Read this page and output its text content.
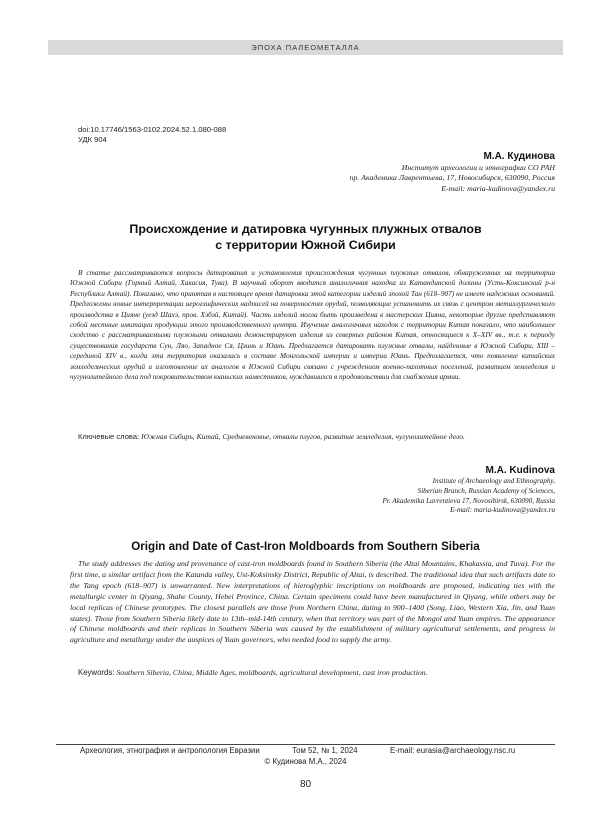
ЭПОХА ПАЛЕОМЕТАЛЛА
doi:10.17746/1563-0102.2024.52.1.080-088
УДК 904
М.А. Кудинова
Институт археологии и этнографии СО РАН
пр. Академика Лаврентьева, 17, Новосибирск, 630090, Россия
E-mail: maria-kudinova@yandex.ru
Происхождение и датировка чугунных плужных отвалов
с территории Южной Сибири

В статье рассматриваются вопросы датирования и установления происхождения чугунных плужных отвалов, обнаруженных на территории Южной Сибири (Горный Алтай, Хакасия, Тува). В научный оборот вводится аналогичная находка из Катандинской долины (Усть-Коксинский р-н Республики Алтай). Показано, что принятая в настоящее время датировка этой категории изделий эпохой Тан (618–907) не имеет надежных оснований. Предложены новые интерпретации иероглифических надписей на поверхностях орудий, позволяющие установить их связь с центром металлургического производства в Цияне (уезд Шахэ, пров. Хэбэй, Китай). Часть изделий могла быть произведена в мастерских Цияна, некоторые другие представляют собой местные имитации продукции этого производственного центра. Изучение аналогичных находок с территории Китая показало, что наибольшее сходство с рассматриваемыми плужными отвалами демонстрируют изделия из северных районов Китая, относящиеся к X–XIV вв., т.е. к периоду существования государств Сун, Ляо, Западное Ся, Цзинь и Юань. Предлагается датировать плужные отвалы, найденные в Южной Сибири, XIII – серединой XIV в., когда эта территория оказалась в составе Монгольской империи и империи Юань. Предполагается, что появление китайских земледельческих орудий и изготовление их аналогов в Южной Сибири связано с учреждением военно-пахотных поселений, развитием земледелия и чугунолитейного дела под покровительством юаньских наместников, нуждавшихся в продовольствии для снабжения армии.

Ключевые слова: Южная Сибирь, Китай, Средневековье, отвалы плугов, развитие земледелия, чугунолитейное дело.

M.A. Kudinova
Institute of Archaeology and Ethnography,
Siberian Branch, Russian Academy of Sciences,
Pr. Akademika Lavrentieva 17, Novosibirsk, 630090, Russia
E-mail: maria-kudinova@yandex.ru
Origin and Date of Cast-Iron Moldboards from Southern Siberia

The study addresses the dating and provenance of cast-iron moldboards found in Southern Siberia (the Altai Mountains, Khakassia, and Tuva). For the first time, a similar artifact from the Katanda valley, Ust-Koksinsky District, Republic of Altai, is described. The traditional idea that such artifacts date to the Tang epoch (618–907) is unwarranted. New interpretations of hieroglyphic inscriptions on moldboards are proposed, indicating ties with the metallurgic center in Qiyang, Shahe County, Hebei Province, China. Certain specimens could have been manufactured in Qiyang, while others may be local replicas of Chinese prototypes. The closest parallels are those from Northern China, dating to 900–1400 (Song, Liao, Western Xia, Jin, and Yuan states). Those from Southern Siberia likely date to 13th–mid-14th century, when that territory was part of the Mongol and Yuan empires. The appearance of Chinese moldboards and their replicas in Southern Siberia was caused by the establishment of military agricultural settlements, and progress in agriculture and metallurgy under the auspices of Yuan governors, who needed food to supply the army.

Keywords: Southern Siberia, China, Middle Ages, moldboards, agricultural development, cast iron production.

Археология, этнография и антропология Евразии	Том 52, № 1, 2024	E-mail: eurasia@archaeology.nsc.ru
© Кудинова М.А., 2024
80
